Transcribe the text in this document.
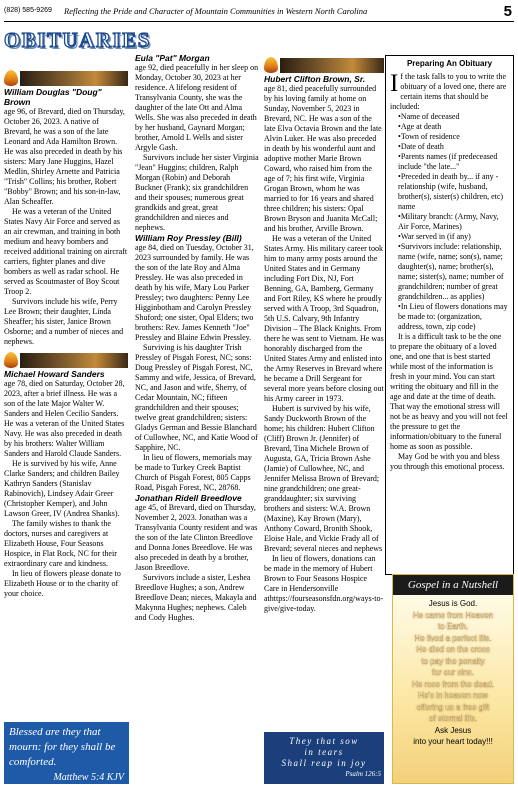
(828) 585-9269 Reflecting the Pride and Character of Mountain Communities in Western North Carolina	5
OBITUARIES
William Douglas "Doug" Brown

age 96, of Brevard, died on Thursday, October 26, 2023. A native of Brevard, he was a son of the late Leonard and Ada Hamilton Brown. He was also preceded in death by his sisters: Mary Jane Huggins, Hazel Medlin, Shirley Arnette and Patricia "Trish" Collins; his brother, Robert "Bobby" Brown; and his son-in-law, Alan Scheaffer.

He was a veteran of the United States Navy Air Force and served as an air crewman, and training in both medium and heavy bombers and received additional training on aircraft carriers, fighter planes and dive bombers as well as radar school. He served as Scoutmaster of Boy Scout Troop 2.

Survivors include his wife, Perry Lee Brown; their daughter, Linda Sheaffer; his sister, Janice Brown Osborne; and a number of nieces and nephews.

Michael Howard Sanders

age 78, died on Saturday, October 28, 2023, after a brief illness. He was a son of the late Major Walter W. Sanders and Helen Cecilio Sanders. He was a veteran of the United States Navy. He was also preceded in death by his brothers: Walter William Sanders and Harold Claude Sanders.

He is survived by his wife, Anne Clarke Sanders; and children Bailey Kathryn Sanders (Stanislav Rabinovich), Lindsey Adair Greer (Christopher Kemper), and John Lawson Greer, IV (Andrea Shanks).

The family wishes to thank the doctors, nurses and caregivers at Elizabeth House, Four Seasons Hospice, in Flat Rock, NC for their extraordinary care and kindness.

In lieu of flowers please donate to Elizabeth House or to the charity of your choice.

Blessed are they that mourn: for they shall be comforted.
Matthew 5:4 KJV
Eula "Pat" Morgan

age 92, died peacefully in her sleep on Monday, October 30, 2023 at her residence. A lifelong resident of Transylvania County, she was the daughter of the late Ott and Alma Wells. She was also preceded in death by her husband, Gaynard Morgan; brother, Arnold L Wells and sister Argyle Gash.

Survivors include her sister Virginia "Jean" Huggins; children, Ralph Morgan (Robin) and Deborah Buckner (Frank); six grandchildren and their spouses; numerous great grandkids and great, great grandchildren and nieces and nephews.

William Roy Pressley (Bill)

age 84, died on Tuesday, October 31, 2023 surrounded by family. He was the son of the late Roy and Alma Pressley. He was also preceded in death by his wife, Mary Lou Parker Pressley; two daughters: Penny Lee Higginbotham and Carolyn Pressley Shuford; one sister, Opal Elders; two brothers: Rev. James Kenneth "Joe" Pressley and Blaine Edwin Pressley.

Surviving is his daughter Trish Pressley of Pisgah Forest, NC; sons: Doug Pressley of Pisgah Forest, NC, Sammy and wife, Jessica, of Brevard, NC, and Jason and wife, Sherry, of Cedar Mountain, NC; fifteen grandchildren and their spouses; twelve great grandchildren; sisters: Gladys German and Bessie Blanchard of Cullowhee, NC, and Katie Wood of Sapphire, NC.

In lieu of flowers, memorials may be made to Turkey Creek Baptist Church of Pisgah Forest, 805 Capps Road, Pisgah Forest, NC, 28768.

Jonathan Ridell Breedlove

age 45, of Brevard, died on Thursday, November 2, 2023. Jonathan was a Transylvania County resident and was the son of the late Clinton Breedlove and Donna Jones Breedlove. He was also preceded in death by a brother, Jason Breedlove.

Survivors include a sister, Leshea Breedlove Hughes; a son, Andrew Breedlove Dean; nieces, Makayla and Makynna Hughes; nephews. Caleb and Cody Hughes.

Hubert Clifton Brown, Sr.

age 81, died peacefully surrounded by his loving family at home on Sunday, November 5, 2023 in Brevard, NC. He was a son of the late Elva Octavia Brown and the late Alvin Luker. He was also preceded in death by his wonderful aunt and adoptive mother Marie Brown Coward, who raised him from the age of 7; his first wife, Virginia Grogan Brown, whom he was married to for 16 years and shared three children; his sisters: Opal Brown Bryson and Juanita McCall; and his brother, Arville Brown.

He was a veteran of the United States Army. His military career took him to many army posts around the United States and in Germany including Fort Dix, NJ, Fort Benning, GA, Bamberg, Germany and Fort Riley, KS where he proudly served with A Troop, 3rd Squadron, 5th U.S. Calvary, 9th Infantry Division – The Black Knights. From there he was sent to Vietnam. He was honorably discharged from the United States Army and enlisted into the Army Reserves in Brevard where he became a Drill Sergeant for several more years before closing out his Army career in 1973.

Hubert is survived by his wife, Sandy Duckworth Brown of the home; his children: Hubert Clifton (Cliff) Brown Jr. (Jennifer) of Brevard, Tina Michele Brown of Augusta, GA, Tricia Brown Ashe (Jamie) of Cullowhee, NC, and Jennifer Melissa Brown of Brevard; nine grandchildren; one great-granddaughter; six surviving brothers and sisters: W.A. Brown (Maxine), Kay Brown (Mary), Anthony Coward, Bronith Shook, Eloise Hale, and Vickie Frady all of Brevard; several nieces and nephews

In lieu of flowers, donations can be made in the memory of Hubert Brown to Four Seasons Hospice Care in Hendersonville athttps://fourseasonsfdn.org/ways-to-give/give-today.

They that sow
in tears
Shall reap in joy
Psalm 126:5
Preparing An Obituary

If the task falls to you to write the obituary of a loved one, there are certain items that should be included:

• Name of deceased

• Age at death

• Town of residence

• Date of death

• Parents names (if predeceased include "the late..."

• Preceded in death by... if any - relationship (wife, husband, brother(s), sister(s) children, etc) name

• Military branch: (Army, Navy, Air Force, Marines)

• War served in (if any)

• Survivors include: relationship, name (wife, name; son(s), name; daughter(s), name; brother(s), name; sister(s), name; number of grandchildren; number of great grandchildren... as applies)

• In Lieu of flowers donations may be made to: (organization, address, town, zip code)

It is a difficult task to be the one to prepare the obituary of a loved one, and one that is best started while most of the information is fresh in your mind. You can start writing the obituary and fill in the age and date at the time of death. That way the emotional stress will not be as heavy and you will not feel the pressure to get the information/obituary to the funeral home as soon as possible.

May God be with you and bless you through this emotional process.

Gospel in a Nutshell
Jesus is God.
He came from Heaven
to Earth.
He lived a perfect life.
He died on the cross
to pay the penalty
for our sins.
He rose from the dead.
He's in heaven now
offering us a free gift
of eternal life.
Ask Jesus
into your heart today!!!
